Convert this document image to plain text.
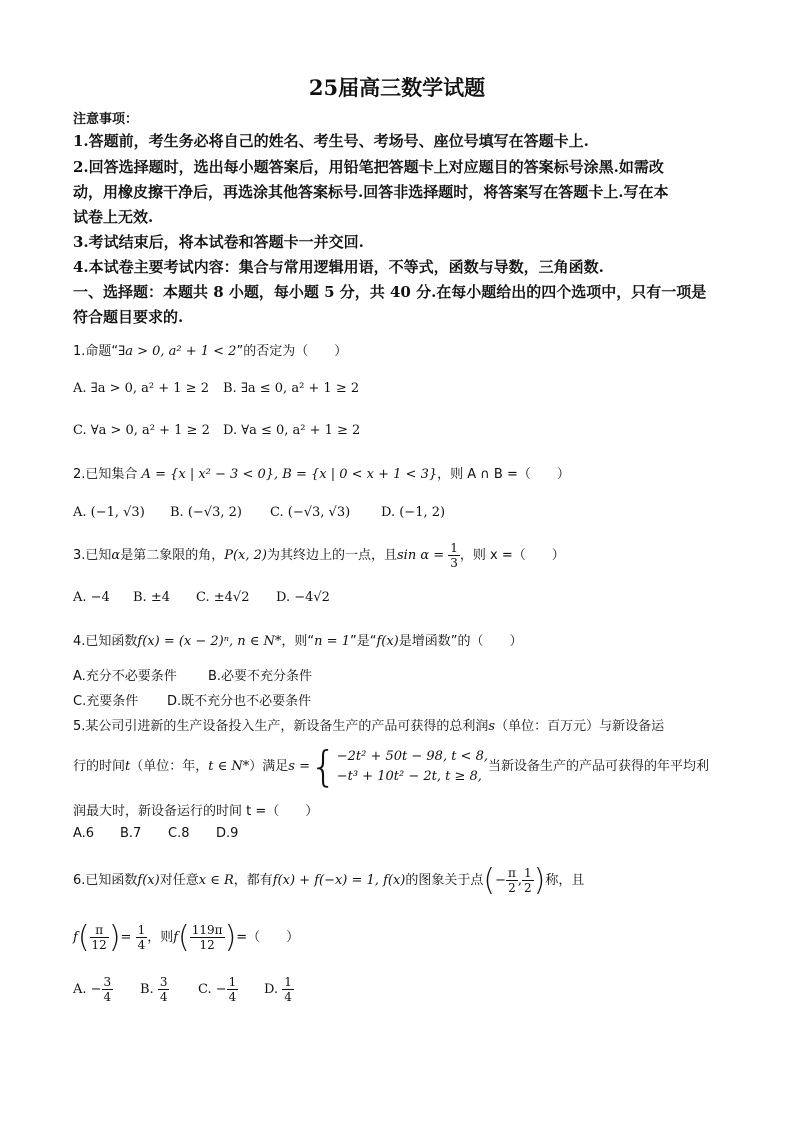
25届高三数学试题
注意事项：
1.答题前，考生务必将自己的姓名、考生号、考场号、座位号填写在答题卡上.
2.回答选择题时，选出每小题答案后，用铅笔把答题卡上对应题目的答案标号涂黑.如需改
动，用橡皮擦干净后，再选涂其他答案标号.回答非选择题时，将答案写在答题卡上.写在本
试卷上无效.
3.考试结束后，将本试卷和答题卡一并交回.
4.本试卷主要考试内容：集合与常用逻辑用语，不等式，函数与导数，三角函数.
一、选择题：本题共 8 小题，每小题 5 分，共 40 分.在每小题给出的四个选项中，只有一项是
符合题目要求的.
1.命题“∃a > 0, a² + 1 < 2”的否定为（　　）
A. ∃a > 0, a² + 1 ≥ 2 B. ∃a ≤ 0, a² + 1 ≥ 2
C. ∀a > 0, a² + 1 ≥ 2 D. ∀a ≤ 0, a² + 1 ≥ 2
2.已知集合 A = {x | x² − 3 < 0}, B = {x | 0 < x + 1 < 3}，则 A ∩ B =（　　）
A. (−1, √3) B. (−√3, 2) C. (−√3, √3) D. (−1, 2)
3.已知α是第二象限的角，P(x, 2)为其终边上的一点，且$\sin \alpha = \frac{1}{3}$ ，则 x =（　　）
A. −4 B. ±4 C. ±4√2 D. −4√2
4.已知函数f(x) = (x − 2)ⁿ, n ∈ N*，则“n = 1”是“f(x)是增函数”的（　　）
A.充分不必要条件 B.必要不充分条件
C.充要条件 D.既不充分也不必要条件
5.某公司引进新的生产设备投入生产，新设备生产的产品可获得的总利润s（单位：百万元）与新设备运
行的时间t（单位：年，t ∈ N*）满足s ={ −2t² + 50t − 98, t < 8,
−t³ + 10t² − 2t, t ≥ 8,
当新设备生产的产品可获得的年平均利
润最大时，新设备运行的时间 t =（　　）
A.6 B.7 C.8 D.9
6.已知函数f(x)对任意x ∈ R，都有f(x) + f(−x) = 1, f(x)的图象关于点(− $\frac{\pi}{2}$ , $\frac{1}{2}$ )称，且
$f( \frac{\pi}{12}$ )= $\frac{1}{4}$ ，则$f( \frac{119\pi}{12}$ )=（　　）
A. − $\frac{3}{4} B$. $\frac{3}{4} C$. − $\frac{1}{4} D$. $\frac{1}{4}$
